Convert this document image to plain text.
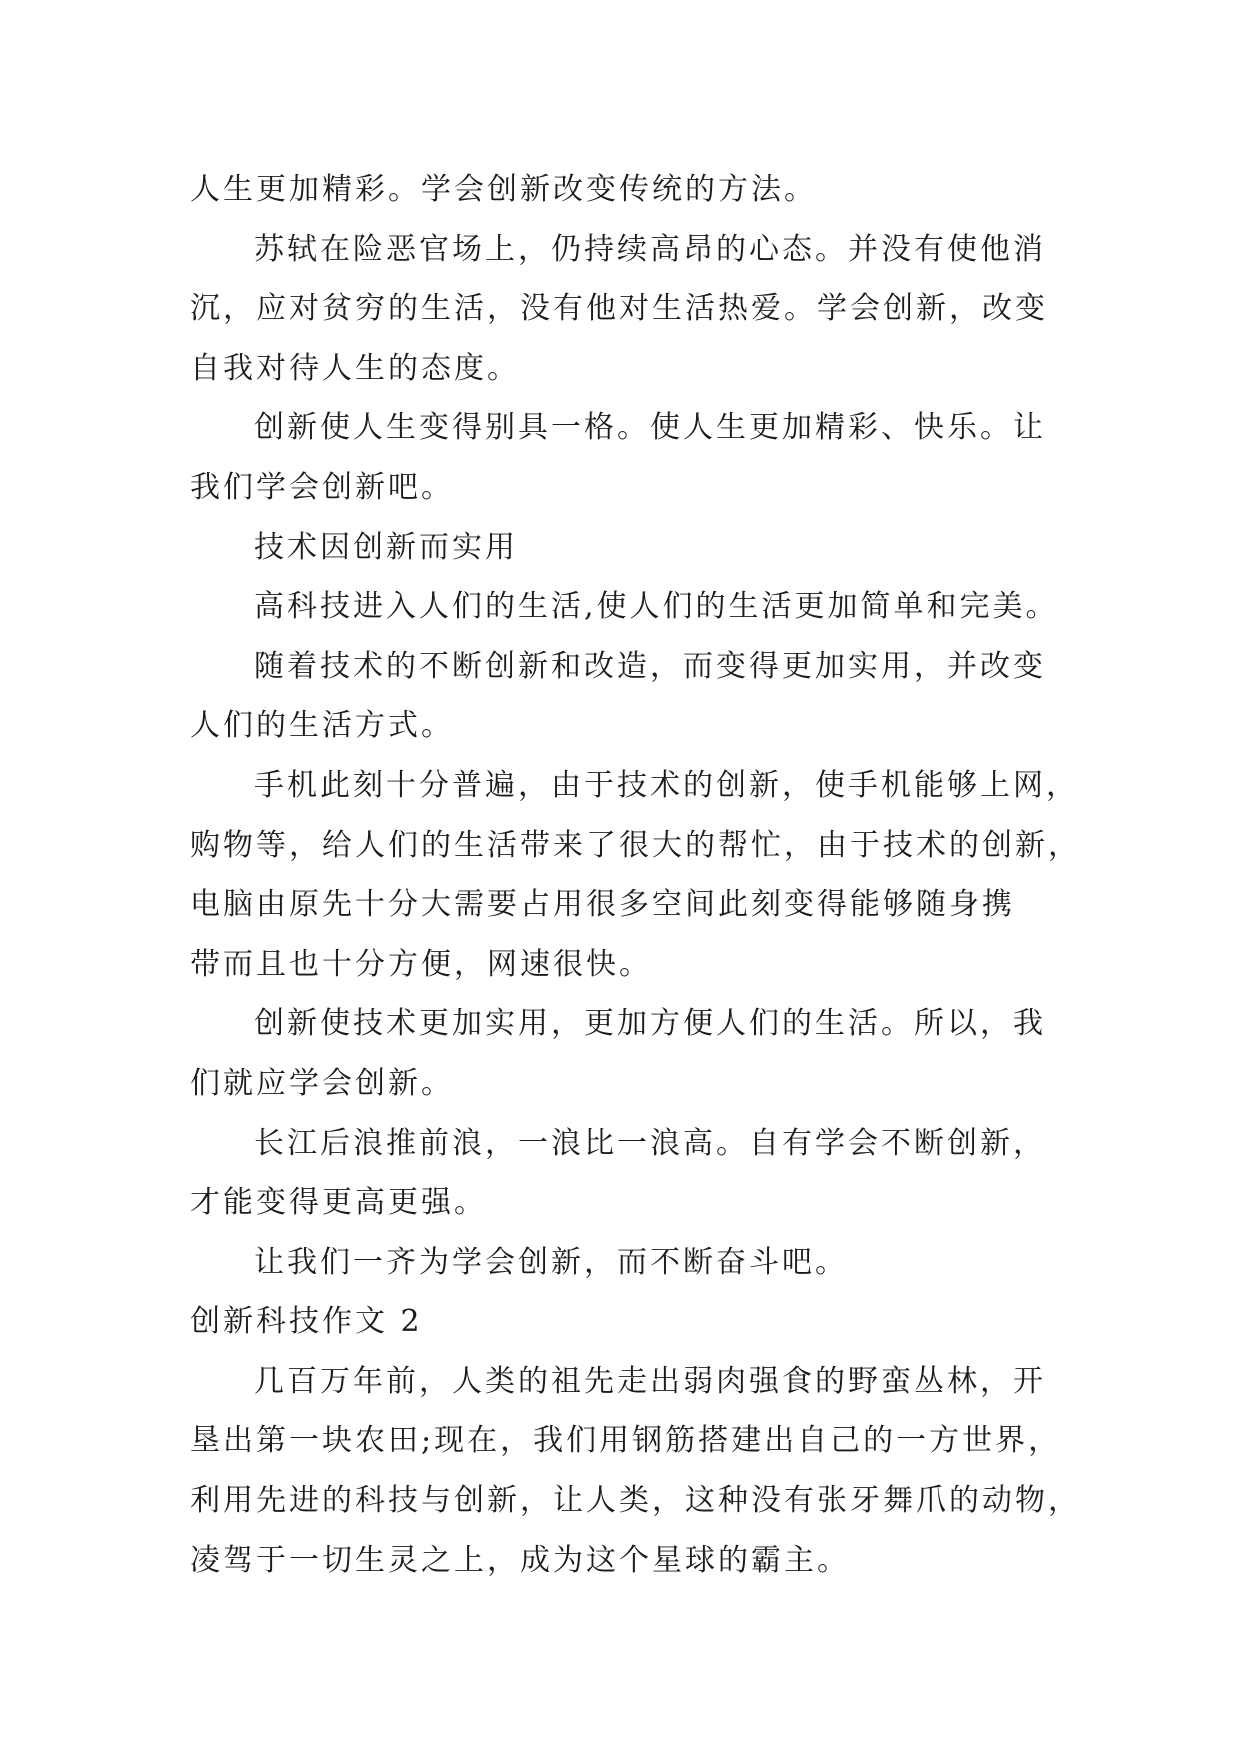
人生更加精彩。学会创新改变传统的方法。
苏轼在险恶官场上，仍持续高昂的心态。并没有使他消
沉，应对贫穷的生活，没有他对生活热爱。学会创新，改变
自我对待人生的态度。
创新使人生变得别具一格。使人生更加精彩、快乐。让
我们学会创新吧。
技术因创新而实用
高科技进入人们的生活,使人们的生活更加简单和完美。
随着技术的不断创新和改造，而变得更加实用，并改变
人们的生活方式。
手机此刻十分普遍，由于技术的创新，使手机能够上网，
购物等，给人们的生活带来了很大的帮忙，由于技术的创新，
电脑由原先十分大需要占用很多空间此刻变得能够随身携
带而且也十分方便，网速很快。
创新使技术更加实用，更加方便人们的生活。所以，我
们就应学会创新。
长江后浪推前浪，一浪比一浪高。自有学会不断创新，
才能变得更高更强。
让我们一齐为学会创新，而不断奋斗吧。
创新科技作文 2
几百万年前，人类的祖先走出弱肉强食的野蛮丛林，开
垦出第一块农田;现在，我们用钢筋搭建出自己的一方世界，
利用先进的科技与创新，让人类，这种没有张牙舞爪的动物，
凌驾于一切生灵之上，成为这个星球的霸主。
